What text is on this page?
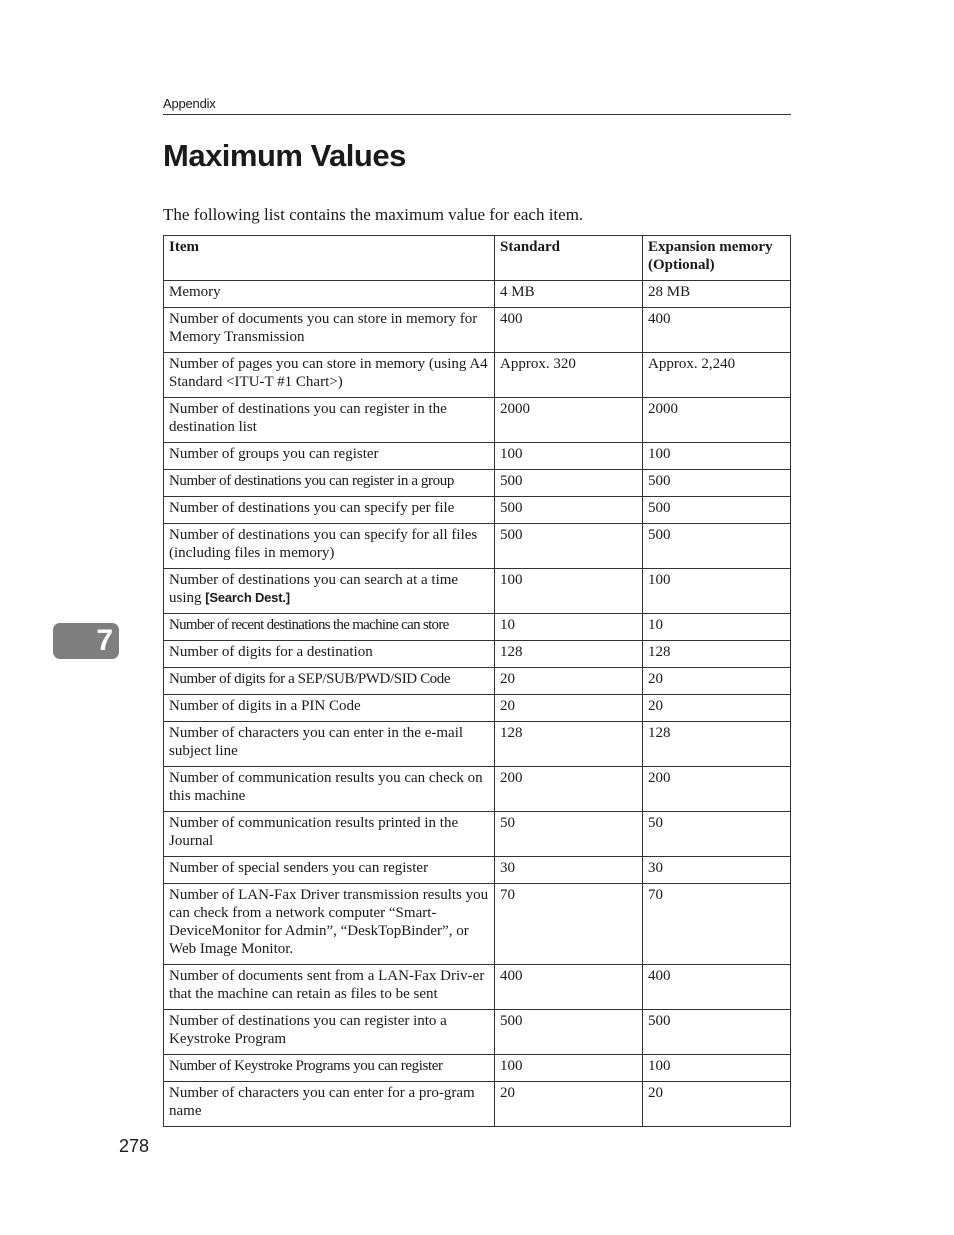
Appendix
Maximum Values

The following list contains the maximum value for each item.

Item	Standard	Expansion memory (Optional)
Memory	4 MB	28 MB
Number of documents you can store in memory for Memory Transmission	400	400
Number of pages you can store in memory (using A4 Standard <ITU-T #1 Chart>)	Approx. 320	Approx. 2,240
Number of destinations you can register in the destination list	2000	2000
Number of groups you can register	100	100
Number of destinations you can register in a group	500	500
Number of destinations you can specify per file	500	500
Number of destinations you can specify for all files (including files in memory)	500	500
Number of destinations you can search at a time using [Search Dest.]	100	100
Number of recent destinations the machine can store	10	10
Number of digits for a destination	128	128
Number of digits for a SEP/SUB/PWD/SID Code	20	20
Number of digits in a PIN Code	20	20
Number of characters you can enter in the e-mail subject line	128	128
Number of communication results you can check on this machine	200	200
Number of communication results printed in the Journal	50	50
Number of special senders you can register	30	30
Number of LAN-Fax Driver transmission results you can check from a network computer “Smart-DeviceMonitor for Admin”, “DeskTopBinder”, or Web Image Monitor.	70	70
Number of documents sent from a LAN-Fax Driv-er that the machine can retain as files to be sent	400	400
Number of destinations you can register into a Keystroke Program	500	500
Number of Keystroke Programs you can register	100	100
Number of characters you can enter for a pro-gram name	20	20
7
278
